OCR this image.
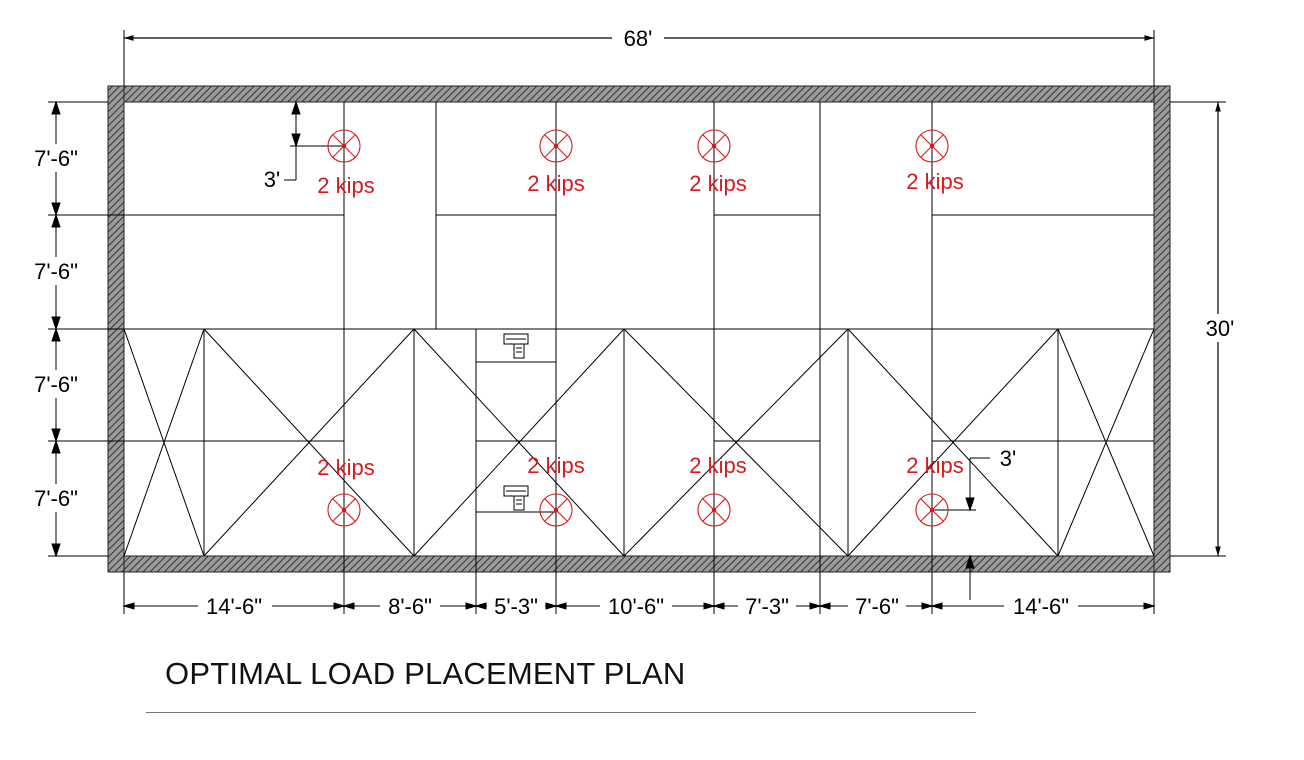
68'
30'
7'-6"
7'-6"
7'-6"
7'-6"
14'-6"	8'-6"	5'-3"	10'-6"	7'-3"	7'-6"	14'-6"
3'
3'
2 kips	2 kips	2 kips	2 kips
2 kips	2 kips	2 kips	2 kips
OPTIMAL LOAD PLACEMENT PLAN
